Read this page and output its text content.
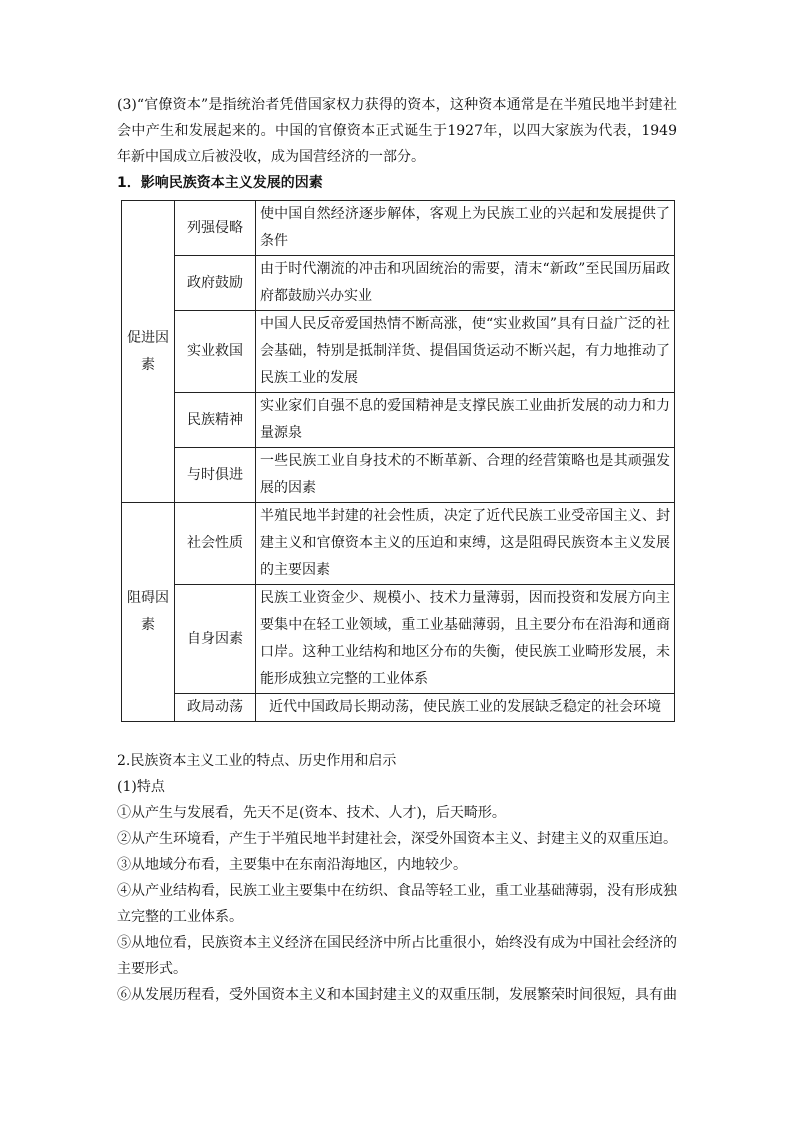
(3)“官僚资本”是指统治者凭借国家权力获得的资本，这种资本通常是在半殖民地半封建社会中产生和发展起来的。中国的官僚资本正式诞生于1927年，以四大家族为代表，1949年新中国成立后被没收，成为国营经济的一部分。

1．影响民族资本主义发展的因素

促进因素	列强侵略	使中国自然经济逐步解体，客观上为民族工业的兴起和发展提供了条件
	政府鼓励	由于时代潮流的冲击和巩固统治的需要，清末“新政”至民国历届政府都鼓励兴办实业
	实业救国	中国人民反帝爱国热情不断高涨，使“实业救国”具有日益广泛的社会基础，特别是抵制洋货、提倡国货运动不断兴起，有力地推动了民族工业的发展
	民族精神	实业家们自强不息的爱国精神是支撑民族工业曲折发展的动力和力量源泉
	与时俱进	一些民族工业自身技术的不断革新、合理的经营策略也是其顽强发展的因素
阻碍因素	社会性质	半殖民地半封建的社会性质，决定了近代民族工业受帝国主义、封建主义和官僚资本主义的压迫和束缚，这是阻碍民族资本主义发展的主要因素
	自身因素	民族工业资金少、规模小、技术力量薄弱，因而投资和发展方向主要集中在轻工业领域，重工业基础薄弱，且主要分布在沿海和通商口岸。这种工业结构和地区分布的失衡，使民族工业畸形发展，未能形成独立完整的工业体系
	政局动荡	近代中国政局长期动荡，使民族工业的发展缺乏稳定的社会环境

2.民族资本主义工业的特点、历史作用和启示

(1)特点

①从产生与发展看，先天不足(资本、技术、人才)，后天畸形。

②从产生环境看，产生于半殖民地半封建社会，深受外国资本主义、封建主义的双重压迫。

③从地域分布看，主要集中在东南沿海地区，内地较少。

④从产业结构看，民族工业主要集中在纺织、食品等轻工业，重工业基础薄弱，没有形成独立完整的工业体系。

⑤从地位看，民族资本主义经济在国民经济中所占比重很小，始终没有成为中国社会经济的主要形式。

⑥从发展历程看，受外国资本主义和本国封建主义的双重压制，发展繁荣时间很短，具有曲
